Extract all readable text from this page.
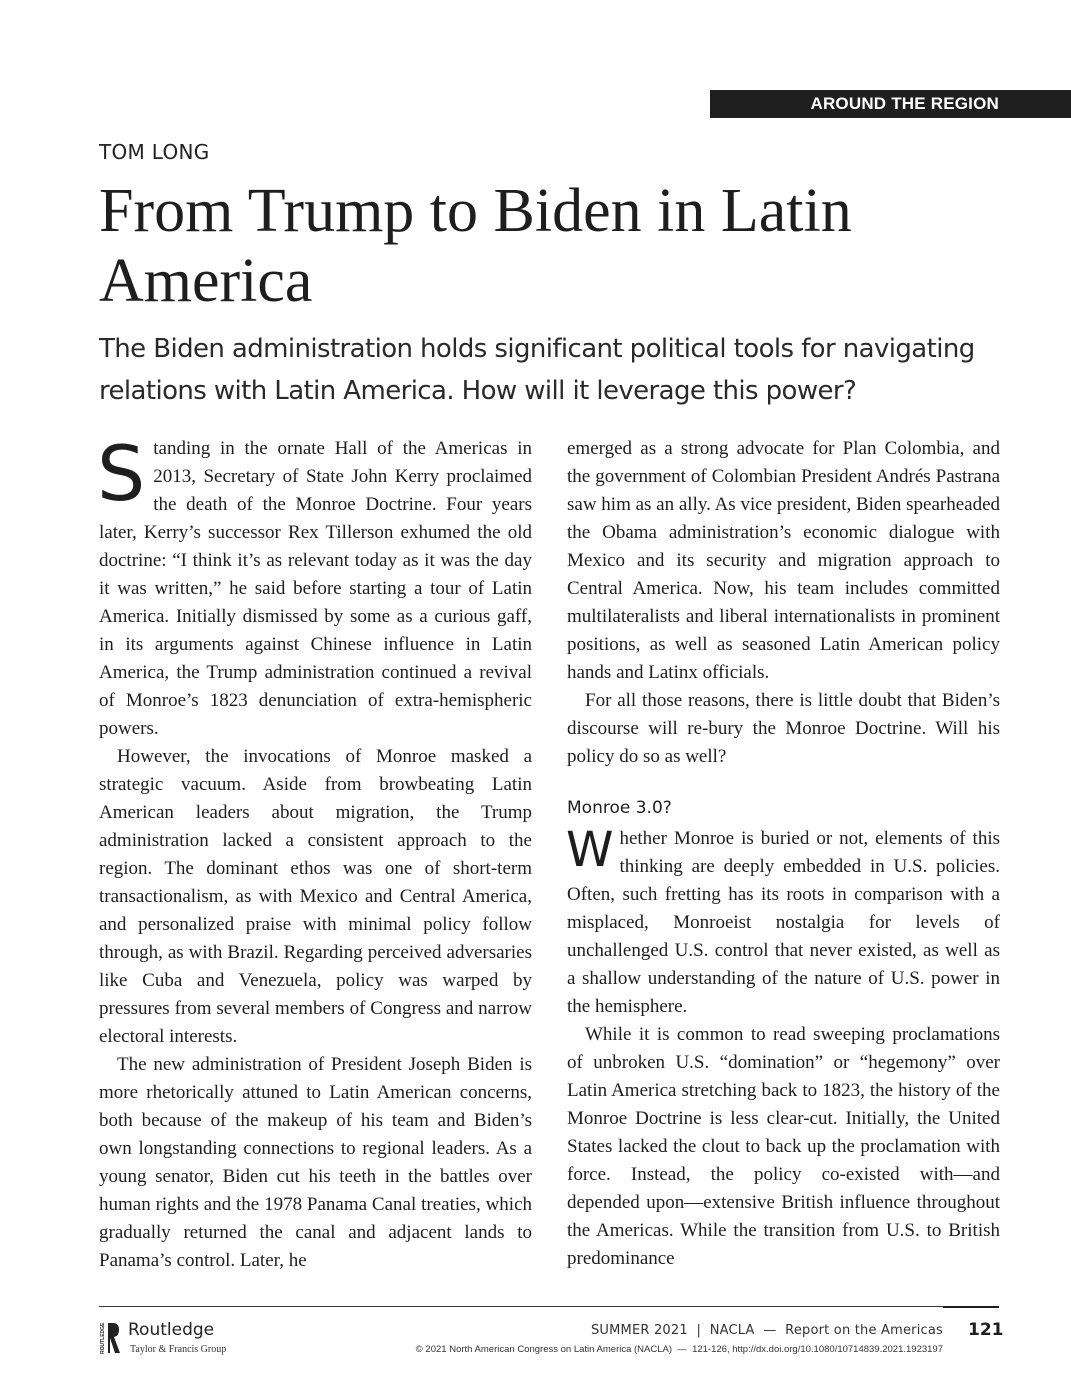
AROUND THE REGION
TOM LONG
From Trump to Biden in Latin America

The Biden administration holds significant political tools for navigating relations with Latin America. How will it leverage this power?

Standing in the ornate Hall of the Americas in 2013, Secretary of State John Kerry proclaimed the death of the Monroe Doctrine. Four years later, Kerry’s successor Rex Tillerson exhumed the old doctrine: “I think it’s as relevant today as it was the day it was written,” he said before starting a tour of Latin America. Initially dismissed by some as a curious gaff, in its arguments against Chinese influence in Latin America, the Trump administration continued a revival of Monroe’s 1823 denunciation of extra-hemispheric powers.

However, the invocations of Monroe masked a strategic vacuum. Aside from browbeating Latin American leaders about migration, the Trump administration lacked a consistent approach to the region. The dominant ethos was one of short-term transactionalism, as with Mexico and Central America, and personalized praise with minimal policy follow through, as with Brazil. Regarding perceived adversaries like Cuba and Venezuela, policy was warped by pressures from several members of Congress and narrow electoral interests.

The new administration of President Joseph Biden is more rhetorically attuned to Latin American concerns, both because of the makeup of his team and Biden’s own longstanding connections to regional leaders. As a young senator, Biden cut his teeth in the battles over human rights and the 1978 Panama Canal treaties, which gradually returned the canal and adjacent lands to Panama’s control. Later, he

emerged as a strong advocate for Plan Colombia, and the government of Colombian President Andrés Pastrana saw him as an ally. As vice president, Biden spearheaded the Obama administration’s economic dialogue with Mexico and its security and migration approach to Central America. Now, his team includes committed multilateralists and liberal internationalists in prominent positions, as well as seasoned Latin American policy hands and Latinx officials.

For all those reasons, there is little doubt that Biden’s discourse will re-bury the Monroe Doctrine. Will his policy do so as well?

Monroe 3.0?

Whether Monroe is buried or not, elements of this thinking are deeply embedded in U.S. policies. Often, such fretting has its roots in comparison with a misplaced, Monroeist nostalgia for levels of unchallenged U.S. control that never existed, as well as a shallow understanding of the nature of U.S. power in the hemisphere.

While it is common to read sweeping proclamations of unbroken U.S. “domination” or “hegemony” over Latin America stretching back to 1823, the history of the Monroe Doctrine is less clear-cut. Initially, the United States lacked the clout to back up the proclamation with force. Instead, the policy co-existed with—and depended upon—extensive British influence throughout the Americas. While the transition from U.S. to British predominance

ROUTLEDGE Routledge
Taylor & Francis Group
SUMMER 2021  |  NACLA  —  Report on the Americas 121
© 2021 North American Congress on Latin America (NACLA)  —  121-126, http://dx.doi.org/10.1080/10714839.2021.1923197
